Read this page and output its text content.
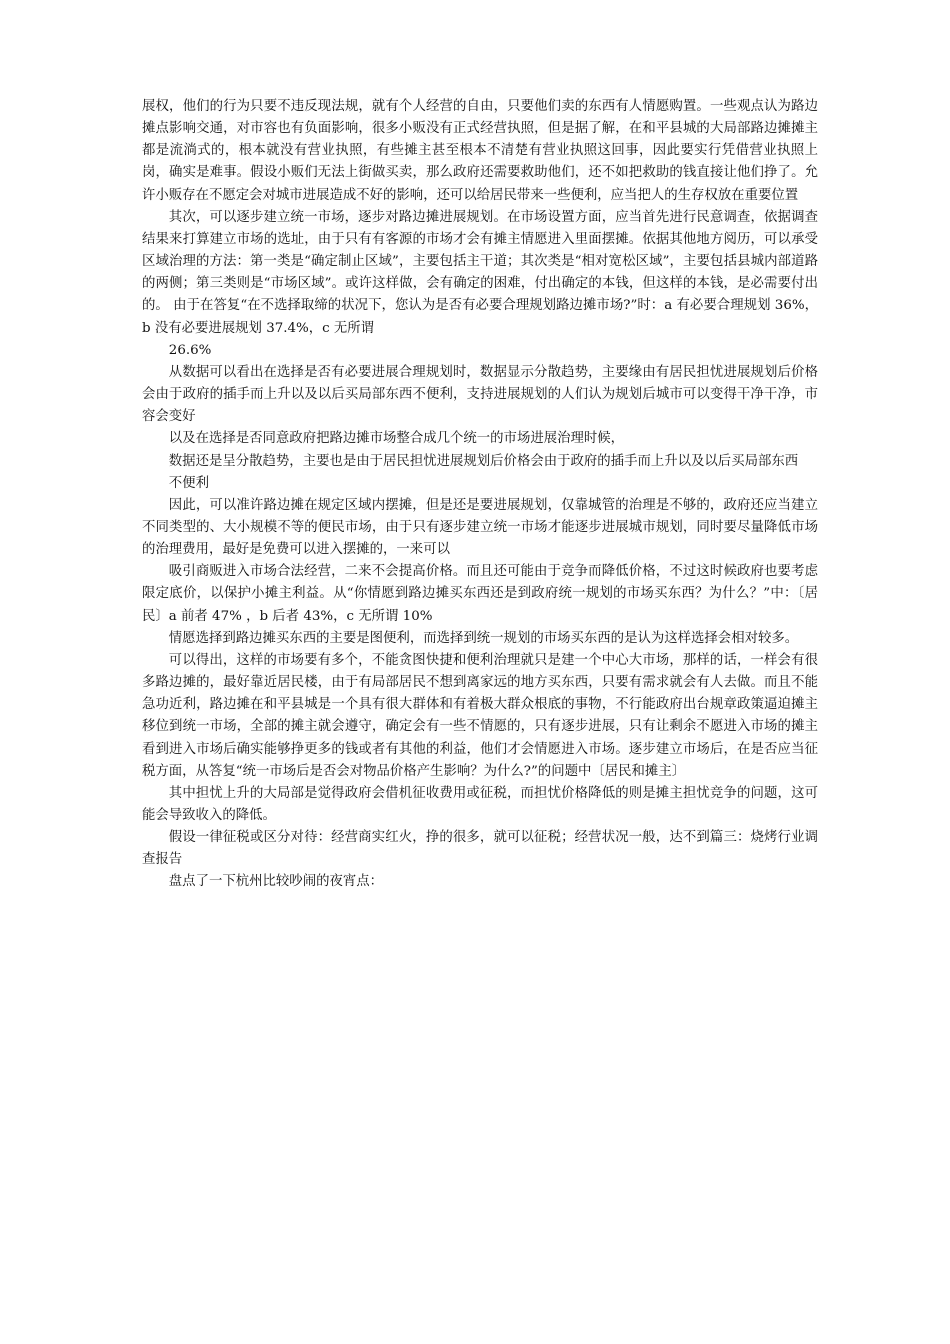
展权，他们的行为只要不违反现法规，就有个人经营的自由，只要他们卖的东西有人情愿购置。一些观点认为路边摊点影响交通，对市容也有负面影响，很多小贩没有正式经营执照，但是据了解，在和平县城的大局部路边摊摊主都是流淌式的，根本就没有营业执照，有些摊主甚至根本不清楚有营业执照这回事，因此要实行凭借营业执照上岗，确实是难事。假设小贩们无法上街做买卖，那么政府还需要救助他们，还不如把救助的钱直接让他们挣了。允许小贩存在不愿定会对城市进展造成不好的影响，还可以给居民带来一些便利，应当把人的生存权放在重要位置

其次，可以逐步建立统一市场，逐步对路边摊进展规划。在市场设置方面，应当首先进行民意调查，依据调查结果来打算建立市场的选址，由于只有有客源的市场才会有摊主情愿进入里面摆摊。依据其他地方阅历，可以承受区域治理的方法：第一类是“确定制止区域”，主要包括主干道；其次类是“相对宽松区域”，主要包括县城内部道路的两侧；第三类则是“市场区域”。或许这样做，会有确定的困难，付出确定的本钱，但这样的本钱，是必需要付出的。 由于在答复“在不选择取缔的状况下，您认为是否有必要合理规划路边摊市场?”时：a 有必要合理规划 36%，b 没有必要进展规划 37.4%，c 无所谓

26.6%

从数据可以看出在选择是否有必要进展合理规划时，数据显示分散趋势，主要缘由有居民担忧进展规划后价格会由于政府的插手而上升以及以后买局部东西不便利，支持进展规划的人们认为规划后城市可以变得干净干净，市容会变好

以及在选择是否同意政府把路边摊市场整合成几个统一的市场进展治理时候，

数据还是呈分散趋势，主要也是由于居民担忧进展规划后价格会由于政府的插手而上升以及以后买局部东西

不便利

因此，可以准许路边摊在规定区域内摆摊，但是还是要进展规划，仅靠城管的治理是不够的，政府还应当建立不同类型的、大小规模不等的便民市场，由于只有逐步建立统一市场才能逐步进展城市规划，同时要尽量降低市场的治理费用，最好是免费可以进入摆摊的，一来可以

吸引商贩进入市场合法经营，二来不会提高价格。而且还可能由于竞争而降低价格，不过这时候政府也要考虑限定底价，以保护小摊主利益。从“你情愿到路边摊买东西还是到政府统一规划的市场买东西？为什么？”中：〔居民〕a 前者 47% ，b 后者 43%，c 无所谓 10%

情愿选择到路边摊买东西的主要是图便利，而选择到统一规划的市场买东西的是认为这样选择会相对较多。

可以得出，这样的市场要有多个，不能贪图快捷和便利治理就只是建一个中心大市场，那样的话，一样会有很多路边摊的，最好靠近居民楼，由于有局部居民不想到离家远的地方买东西，只要有需求就会有人去做。而且不能急功近利，路边摊在和平县城是一个具有很大群体和有着极大群众根底的事物，不行能政府出台规章政策逼迫摊主移位到统一市场，全部的摊主就会遵守，确定会有一些不情愿的，只有逐步进展，只有让剩余不愿进入市场的摊主看到进入市场后确实能够挣更多的钱或者有其他的利益，他们才会情愿进入市场。逐步建立市场后，在是否应当征税方面，从答复“统一市场后是否会对物品价格产生影响？为什么?”的问题中〔居民和摊主〕

其中担忧上升的大局部是觉得政府会借机征收费用或征税，而担忧价格降低的则是摊主担忧竞争的问题，这可能会导致收入的降低。

假设一律征税或区分对待：经营商实红火，挣的很多，就可以征税；经营状况一般，达不到篇三：烧烤行业调查报告

盘点了一下杭州比较吵闹的夜宵点：
